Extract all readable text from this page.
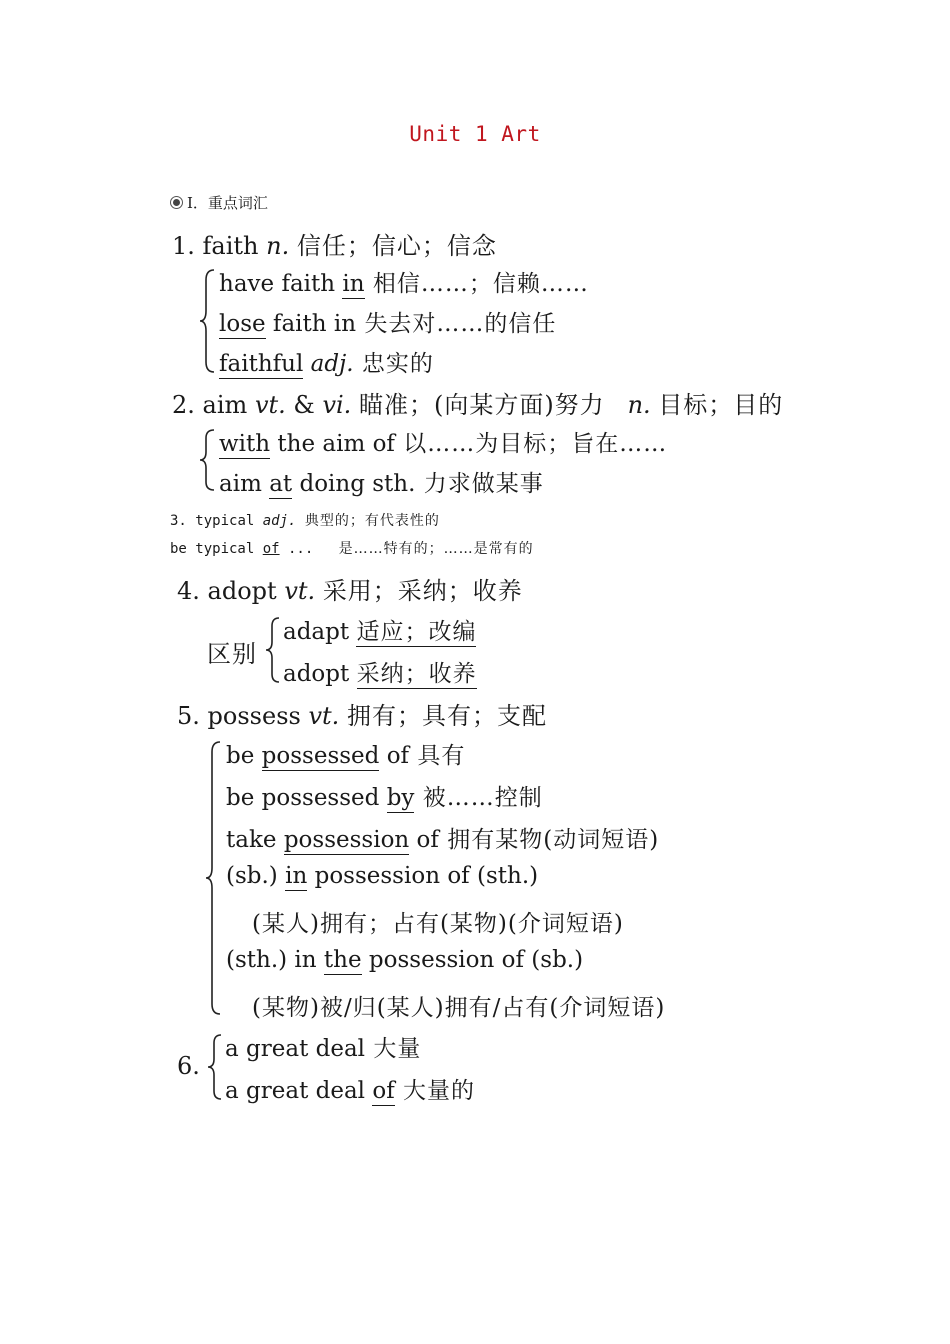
Unit 1 Art
I．重点词汇
1. faith n. 信任；信心；信念
have faith in 相信……；信赖……
lose faith in 失去对……的信任
faithful adj. 忠实的
2. aim vt. & vi. 瞄准；(向某方面)努力 n. 目标；目的
with the aim of 以……为目标；旨在……
aim at doing sth. 力求做某事
3. typical adj. 典型的；有代表性的
be typical of ... 是……特有的；……是常有的
4. adopt vt. 采用；采纳；收养
区别
adapt 适应；改编
adopt 采纳；收养
5. possess vt. 拥有；具有；支配
be possessed of 具有
be possessed by 被……控制
take possession of 拥有某物(动词短语)
(sb.) in possession of (sth.)
(某人)拥有；占有(某物)(介词短语)
(sth.) in the possession of (sb.)
(某物)被/归(某人)拥有/占有(介词短语)
6.
a great deal 大量
a great deal of 大量的
